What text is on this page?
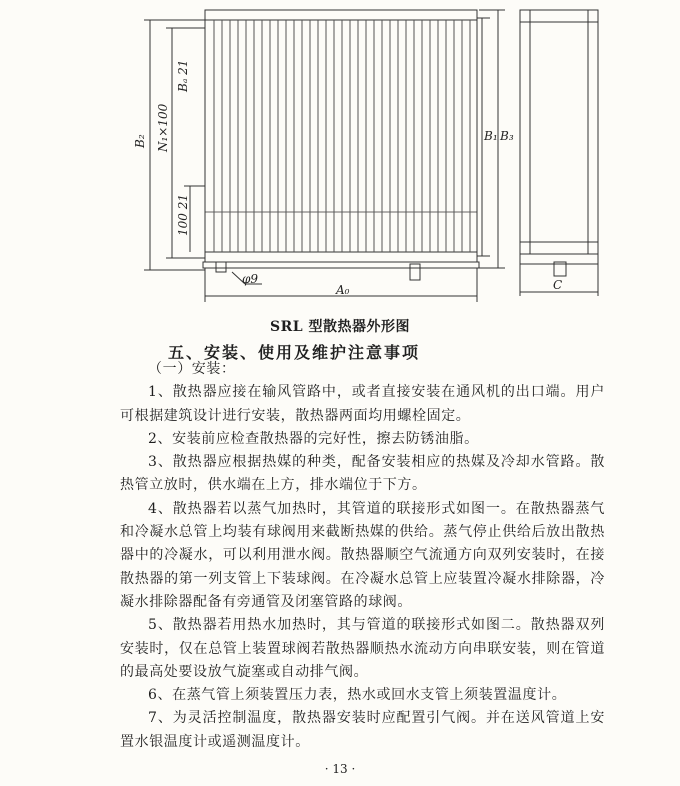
B₂ N₁×100
Bₐ 21
100 21
B₁ B₃
φ9
A₀	C
SRL 型散热器外形图
五、安装、使用及维护注意事项

（一）安装：

1、散热器应接在输风管路中，或者直接安装在通风机的出口端。用户可根据建筑设计进行安装，散热器两面均用螺栓固定。

2、安装前应检查散热器的完好性，擦去防锈油脂。

3、散热器应根据热媒的种类，配备安装相应的热媒及冷却水管路。散热管立放时，供水端在上方，排水端位于下方。

4、散热器若以蒸气加热时，其管道的联接形式如图一。在散热器蒸气和冷凝水总管上均装有球阀用来截断热媒的供给。蒸气停止供给后放出散热器中的冷凝水，可以利用泄水阀。散热器顺空气流通方向双列安装时，在接散热器的第一列支管上下装球阀。在冷凝水总管上应装置冷凝水排除器，冷凝水排除器配备有旁通管及闭塞管路的球阀。

5、散热器若用热水加热时，其与管道的联接形式如图二。散热器双列安装时，仅在总管上装置球阀若散热器顺热水流动方向串联安装，则在管道的最高处要设放气旋塞或自动排气阀。

6、在蒸气管上须装置压力表，热水或回水支管上须装置温度计。

7、为灵活控制温度，散热器安装时应配置引气阀。并在送风管道上安置水银温度计或遥测温度计。

· 13 ·
